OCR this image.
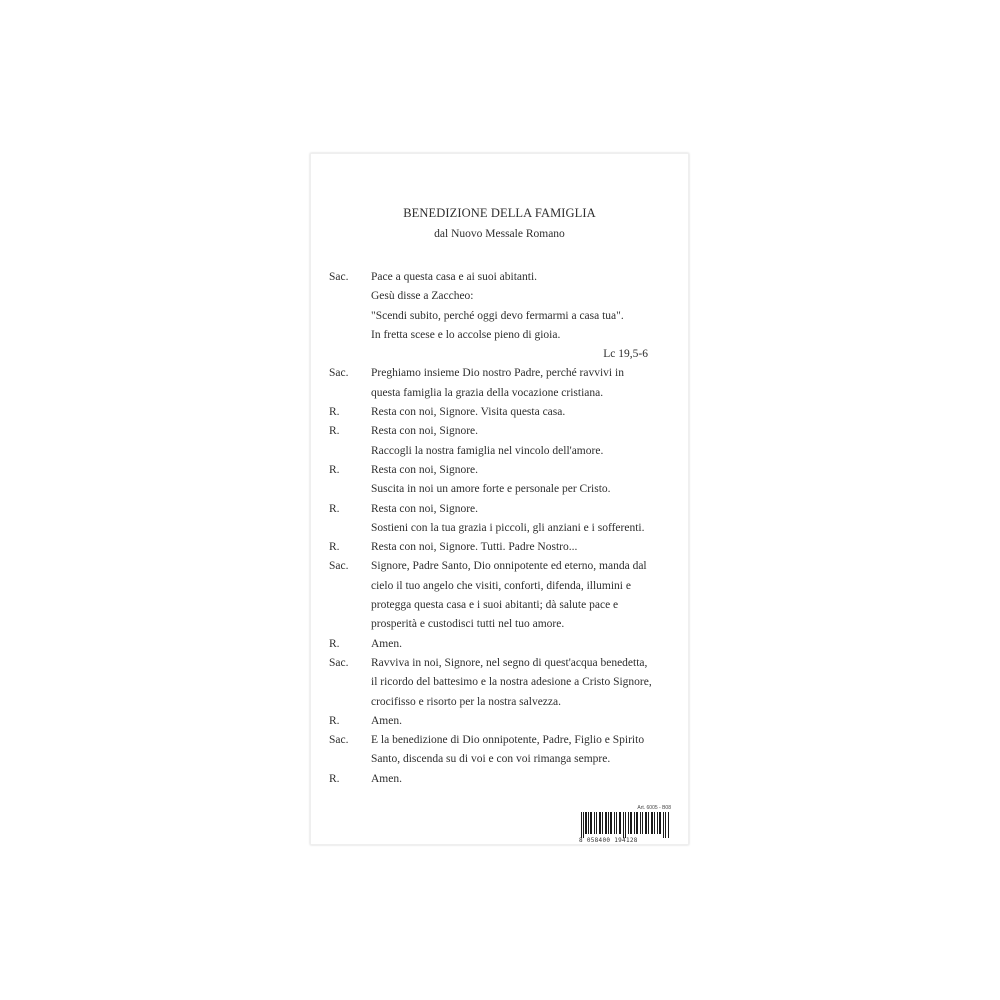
BENEDIZIONE DELLA FAMIGLIA
dal Nuovo Messale Romano
Sac. Pace a questa casa e ai suoi abitanti.
Gesù disse a Zaccheo:
"Scendi subito, perché oggi devo fermarmi a casa tua".
In fretta scese e lo accolse pieno di gioia.
Lc 19,5-6
Sac. Preghiamo insieme Dio nostro Padre, perché ravvivi in
questa famiglia la grazia della vocazione cristiana.
R.	Resta con noi, Signore. Visita questa casa.
R.	Resta con noi, Signore.
Raccogli la nostra famiglia nel vincolo dell'amore.
R.	Resta con noi, Signore.
Suscita in noi un amore forte e personale per Cristo.
R.	Resta con noi, Signore.
Sostieni con la tua grazia i piccoli, gli anziani e i sofferenti.
R.	Resta con noi, Signore. Tutti. Padre Nostro...
Sac. Signore, Padre Santo, Dio onnipotente ed eterno, manda dal
cielo il tuo angelo che visiti, conforti, difenda, illumini e
protegga questa casa e i suoi abitanti; dà salute pace e
prosperità e custodisci tutti nel tuo amore.
R.	Amen.
Sac. Ravviva in noi, Signore, nel segno di quest'acqua benedetta,
il ricordo del battesimo e la nostra adesione a Cristo Signore,
crocifisso e risorto per la nostra salvezza.
R.	Amen.
Sac. E la benedizione di Dio onnipotente, Padre, Figlio e Spirito
Santo, discenda su di voi e con voi rimanga sempre.
R.	Amen.
Art. 6005 - B08
8 058400 194128
